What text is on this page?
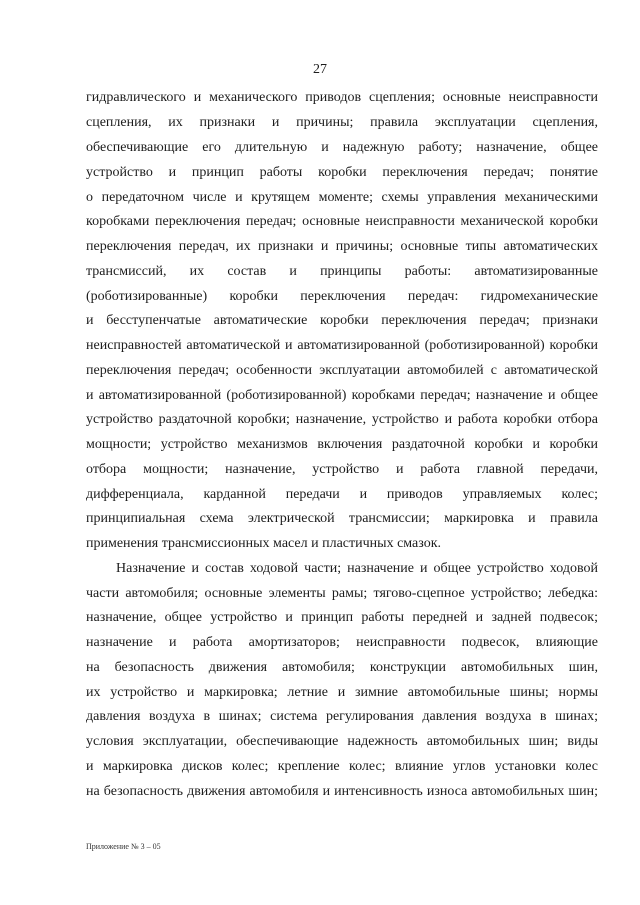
27
гидравлического и механического приводов сцепления; основные неисправности
сцепления, их признаки и причины; правила эксплуатации сцепления,
обеспечивающие его длительную и надежную работу; назначение, общее
устройство и принцип работы коробки переключения передач; понятие
о передаточном числе и крутящем моменте; схемы управления механическими
коробками переключения передач; основные неисправности механической коробки
переключения передач, их признаки и причины; основные типы автоматических
трансмиссий, их состав и принципы работы: автоматизированные
(роботизированные) коробки переключения передач: гидромеханические
и бесступенчатые автоматические коробки переключения передач; признаки
неисправностей автоматической и автоматизированной (роботизированной) коробки
переключения передач; особенности эксплуатации автомобилей с автоматической
и автоматизированной (роботизированной) коробками передач; назначение и общее
устройство раздаточной коробки; назначение, устройство и работа коробки отбора
мощности; устройство механизмов включения раздаточной коробки и коробки
отбора мощности; назначение, устройство и работа главной передачи,
дифференциала, карданной передачи и приводов управляемых колес;
принципиальная схема электрической трансмиссии; маркировка и правила
применения трансмиссионных масел и пластичных смазок.
Назначение и состав ходовой части; назначение и общее устройство ходовой
части автомобиля; основные элементы рамы; тягово-сцепное устройство; лебедка:
назначение, общее устройство и принцип работы передней и задней подвесок;
назначение и работа амортизаторов; неисправности подвесок, влияющие
на безопасность движения автомобиля; конструкции автомобильных шин,
их устройство и маркировка; летние и зимние автомобильные шины; нормы
давления воздуха в шинах; система регулирования давления воздуха в шинах;
условия эксплуатации, обеспечивающие надежность автомобильных шин; виды
и маркировка дисков колес; крепление колес; влияние углов установки колес
на безопасность движения автомобиля и интенсивность износа автомобильных шин;
Приложение № 3 – 05
